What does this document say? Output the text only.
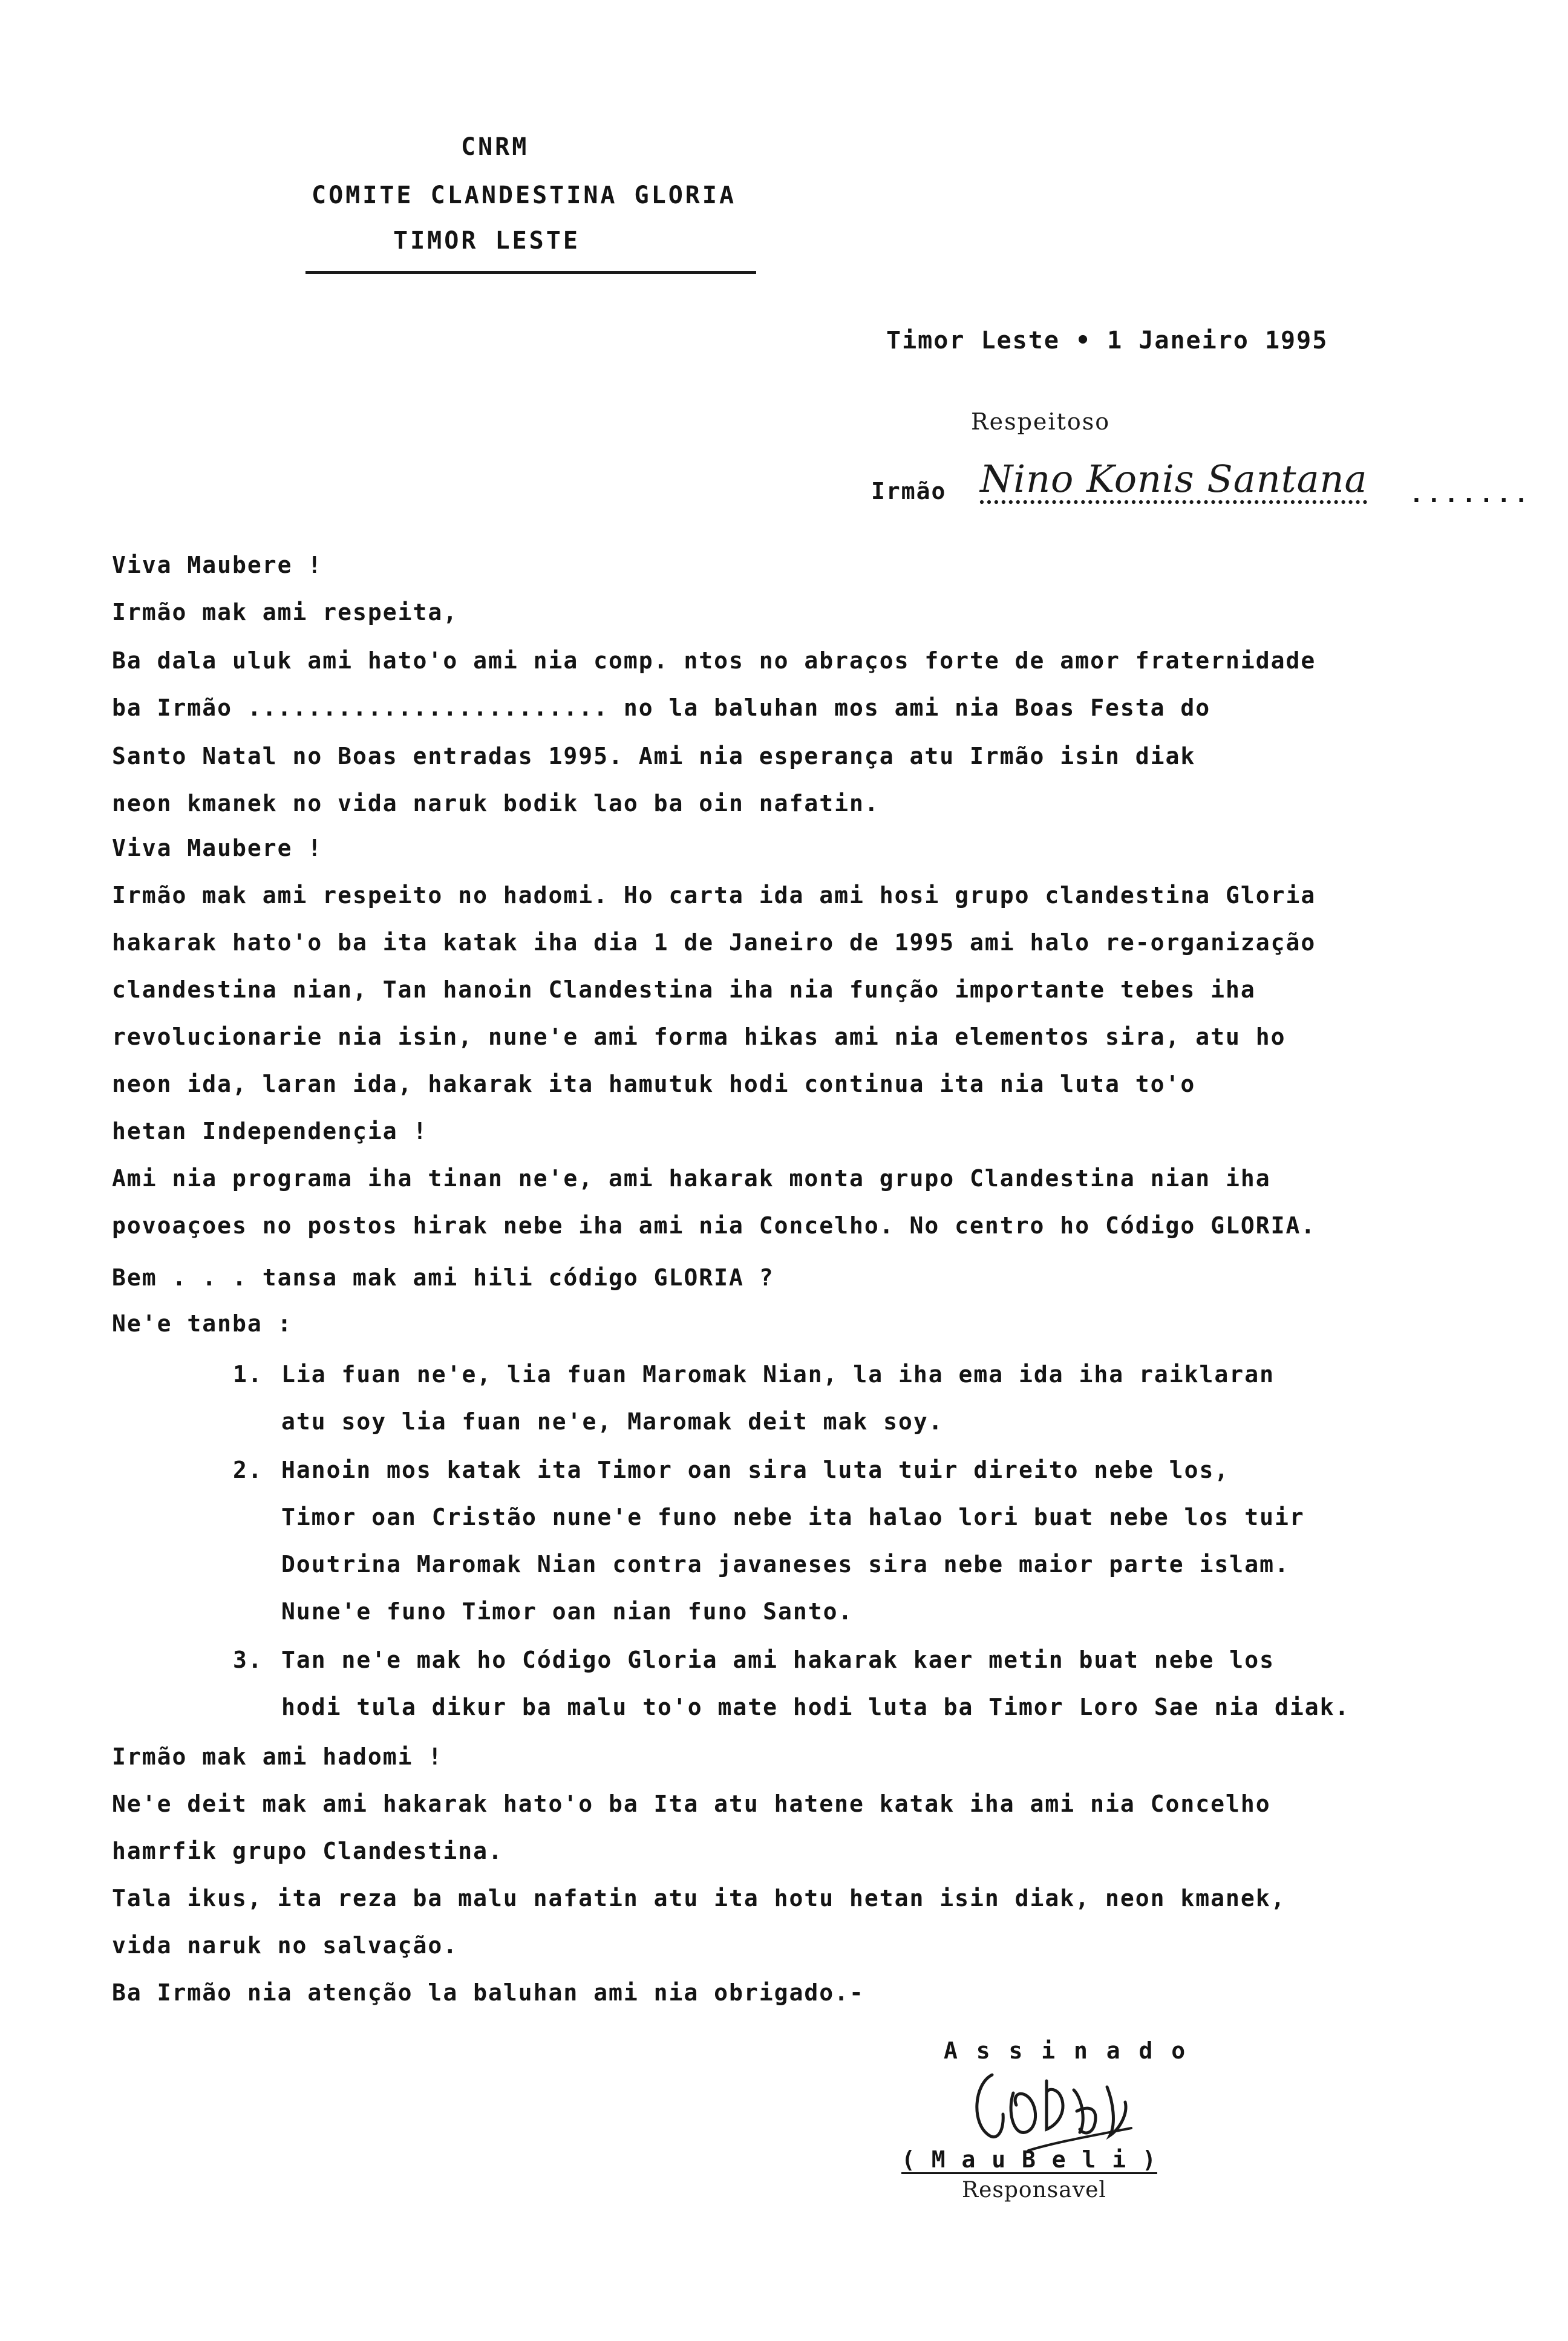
CNRM
COMITE CLANDESTINA GLORIA
TIMOR LESTE
Timor Leste • 1 Janeiro 1995
Respeitoso
Irmão Nino Konis Santana .......
Viva Maubere !
Irmão mak ami respeita,
Ba dala uluk ami hato'o ami nia comp. ntos no abraços forte de amor fraternidade
ba Irmão ........................ no la baluhan mos ami nia Boas Festa do
Santo Natal no Boas entradas 1995. Ami nia esperança atu Irmão isin diak
neon kmanek no vida naruk bodik lao ba oin nafatin.
Viva Maubere !
Irmão mak ami respeito no hadomi. Ho carta ida ami hosi grupo clandestina Gloria
hakarak hato'o ba ita katak iha dia 1 de Janeiro de 1995 ami halo re-organização
clandestina nian, Tan hanoin Clandestina iha nia função importante tebes iha
revolucionarie nia isin, nune'e ami forma hikas ami nia elementos sira, atu ho
neon ida, laran ida, hakarak ita hamutuk hodi continua ita nia luta to'o
hetan Independençia !
Ami nia programa iha tinan ne'e, ami hakarak monta grupo Clandestina nian iha
povoaçoes no postos hirak nebe iha ami nia Concelho. No centro ho Código GLORIA.
Bem . . . tansa mak ami hili código GLORIA ?
Ne'e tanba :
1. Lia fuan ne'e, lia fuan Maromak Nian, la iha ema ida iha raiklaran
atu soy lia fuan ne'e, Maromak deit mak soy.
2. Hanoin mos katak ita Timor oan sira luta tuir direito nebe los,
Timor oan Cristão nune'e funo nebe ita halao lori buat nebe los tuir
Doutrina Maromak Nian contra javaneses sira nebe maior parte islam.
Nune'e funo Timor oan nian funo Santo.
3. Tan ne'e mak ho Código Gloria ami hakarak kaer metin buat nebe los
hodi tula dikur ba malu to'o mate hodi luta ba Timor Loro Sae nia diak.
Irmão mak ami hadomi !
Ne'e deit mak ami hakarak hato'o ba Ita atu hatene katak iha ami nia Concelho
hamrfik grupo Clandestina.
Tala ikus, ita reza ba malu nafatin atu ita hotu hetan isin diak, neon kmanek,
vida naruk no salvação.
Ba Irmão nia atenção la baluhan ami nia obrigado.-
A s s i n a d o
( M a u B e l i )
Responsavel
